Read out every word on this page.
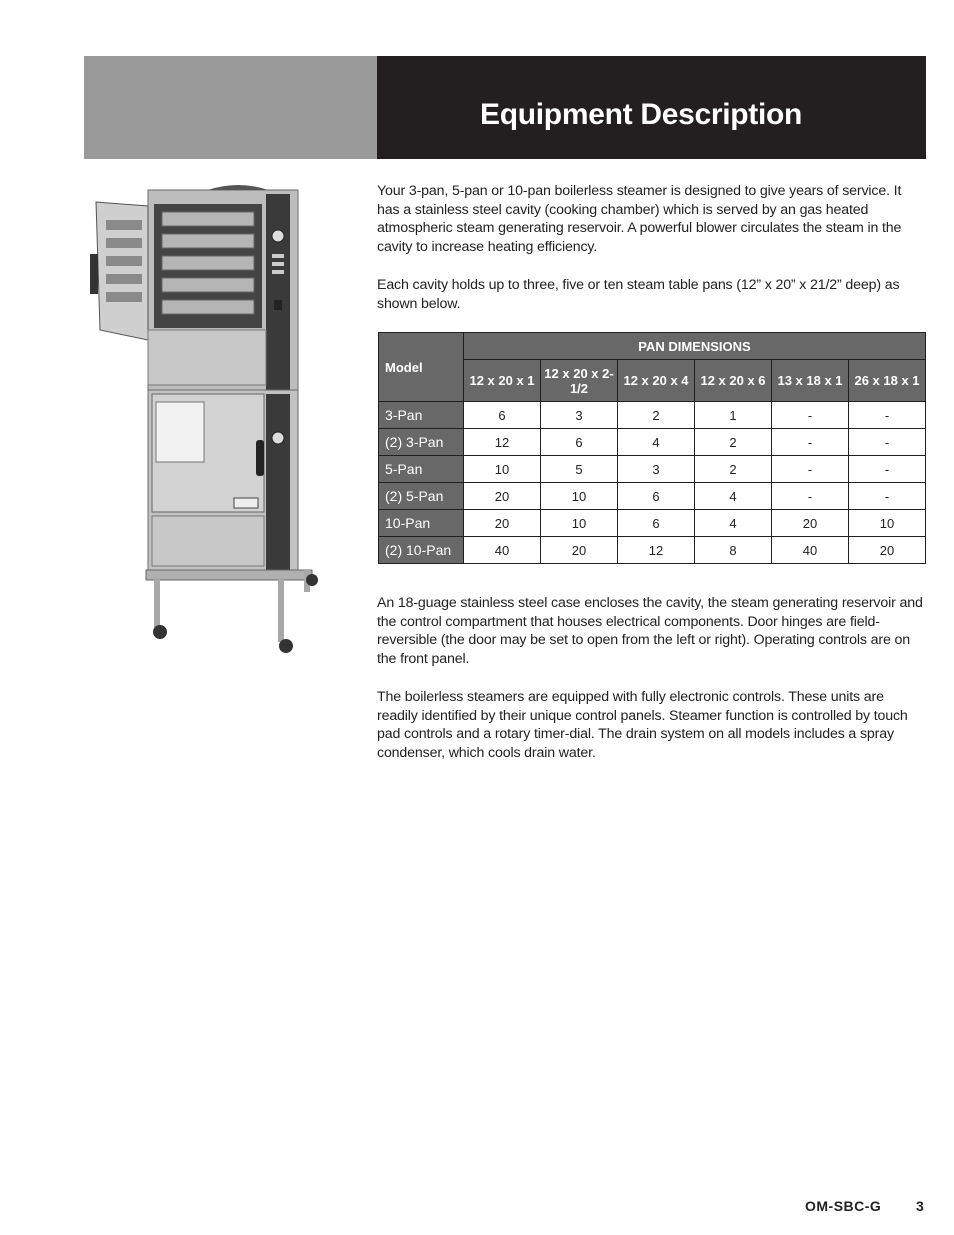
Equipment Description

Your 3-pan, 5-pan or 10-pan boilerless steamer is designed to give years of service. It has a stainless steel cavity (cooking chamber) which is served by an gas heated atmospheric steam generating reservoir. A powerful blower circulates the steam in the cavity to increase heating efficiency.

Each cavity holds up to three, five or ten steam table pans (12” x 20” x 21/2” deep) as shown below.

Model	PAN DIMENSIONS					
	12 x 20 x 1	12 x 20 x 2-1/2	12 x 20 x 4	12 x 20 x 6	13 x 18 x 1	26 x 18 x 1
3-Pan	6	3	2	1	-	-
(2) 3-Pan	12	6	4	2	-	-
5-Pan	10	5	3	2	-	-
(2) 5-Pan	20	10	6	4	-	-
10-Pan	20	10	6	4	20	10
(2) 10-Pan	40	20	12	8	40	20

An 18-guage stainless steel case encloses the cavity, the steam generating reservoir and the control compartment that houses electrical components. Door hinges are field-reversible (the door may be set to open from the left or right). Operating controls are on the front panel.

The boilerless steamers are equipped with fully electronic controls. These units are readily identified by their unique control panels. Steamer function is controlled by touch pad controls and a rotary timer-dial. The drain system on all models includes a spray condenser, which cools drain water.

OM-SBC-G 3
